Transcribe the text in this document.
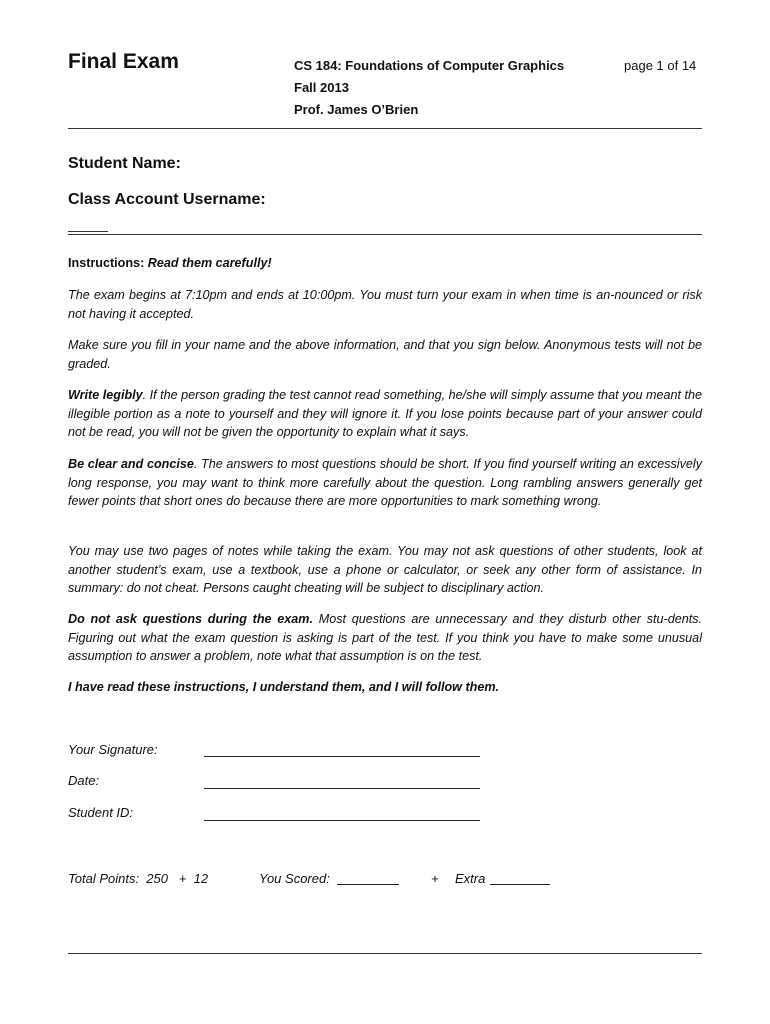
Final Exam	CS 184: Foundations of Computer Graphics
Fall 2013
Prof. James O’Brien
page 1 of 14
Student Name:
Class Account Username:
Instructions: Read them carefully!

The exam begins at 7:10pm and ends at 10:00pm. You must turn your exam in when time is an-nounced or risk not having it accepted.

Make sure you fill in your name and the above information, and that you sign below. Anonymous tests will not be graded.

Write legibly. If the person grading the test cannot read something, he/she will simply assume that you meant the illegible portion as a note to yourself and they will ignore it. If you lose points because part of your answer could not be read, you will not be given the opportunity to explain what it says.

Be clear and concise. The answers to most questions should be short. If you find yourself writing an excessively long response, you may want to think more carefully about the question. Long rambling answers generally get fewer points that short ones do because there are more opportunities to mark something wrong.

You may use two pages of notes while taking the exam. You may not ask questions of other students, look at another student’s exam, use a textbook, use a phone or calculator, or seek any other form of assistance. In summary: do not cheat. Persons caught cheating will be subject to disciplinary action.

Do not ask questions during the exam. Most questions are unnecessary and they disturb other stu-dents. Figuring out what the exam question is asking is part of the test. If you think you have to make some unusual assumption to answer a problem, note what that assumption is on the test.

I have read these instructions, I understand them, and I will follow them.

Your Signature:
Date:
Student ID:
Total Points:  250   +  12	You Scored:	+ Extra
